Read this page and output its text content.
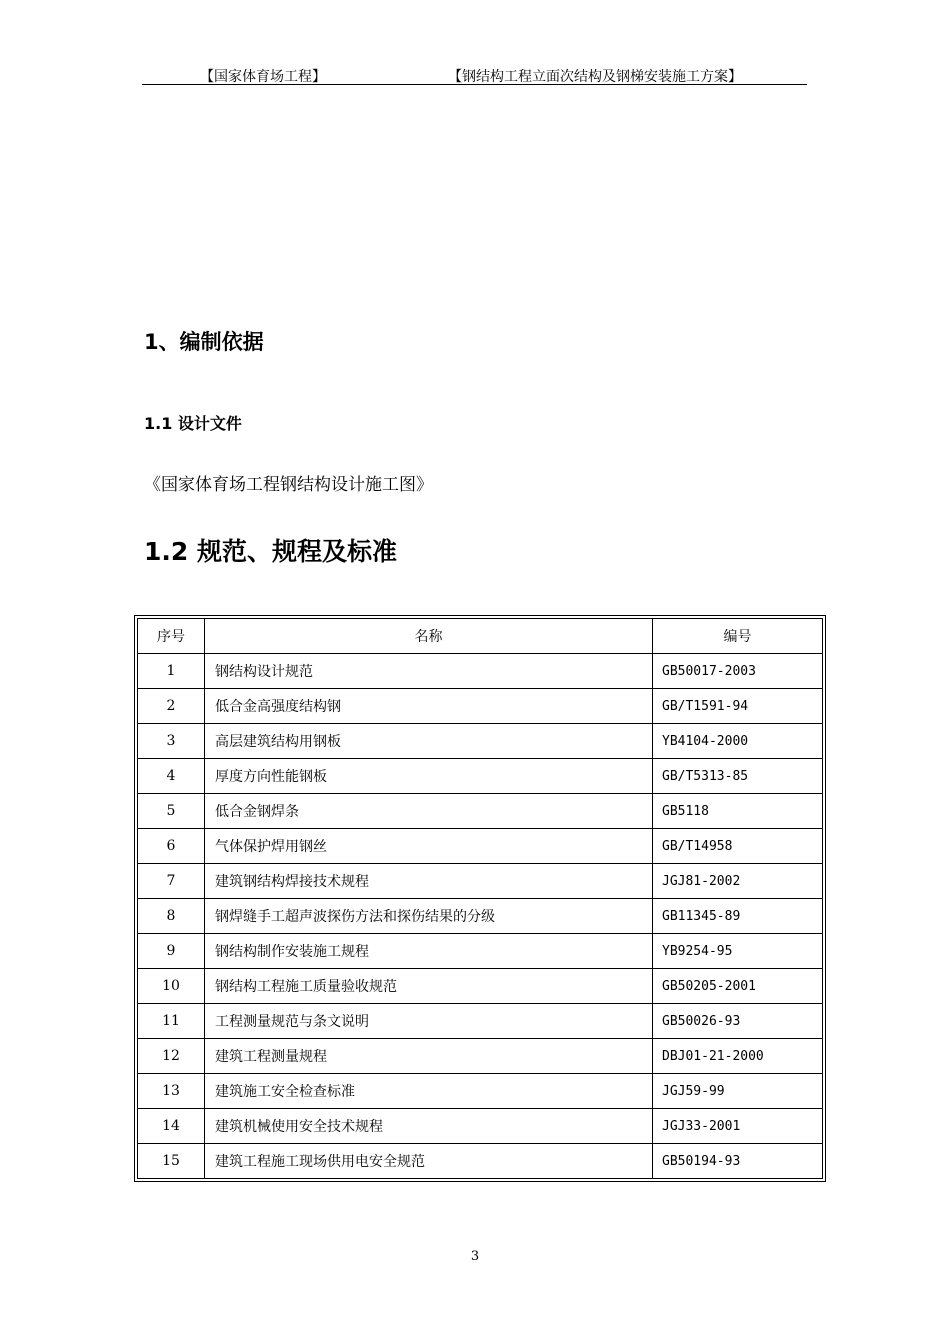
【国家体育场工程】	【钢结构工程立面次结构及钢梯安装施工方案】
1、编制依据
1.1 设计文件
《国家体育场工程钢结构设计施工图》
1.2 规范、规程及标准
序号	名称	编号
1	钢结构设计规范	GB50017-2003
2	低合金高强度结构钢	GB/T1591-94
3	高层建筑结构用钢板	YB4104-2000
4	厚度方向性能钢板	GB/T5313-85
5	低合金钢焊条	GB5118
6	气体保护焊用钢丝	GB/T14958
7	建筑钢结构焊接技术规程	JGJ81-2002
8	钢焊缝手工超声波探伤方法和探伤结果的分级	GB11345-89
9	钢结构制作安装施工规程	YB9254-95
10	钢结构工程施工质量验收规范	GB50205-2001
11	工程测量规范与条文说明	GB50026-93
12	建筑工程测量规程	DBJ01-21-2000
13	建筑施工安全检查标准	JGJ59-99
14	建筑机械使用安全技术规程	JGJ33-2001
15	建筑工程施工现场供用电安全规范	GB50194-93
3
